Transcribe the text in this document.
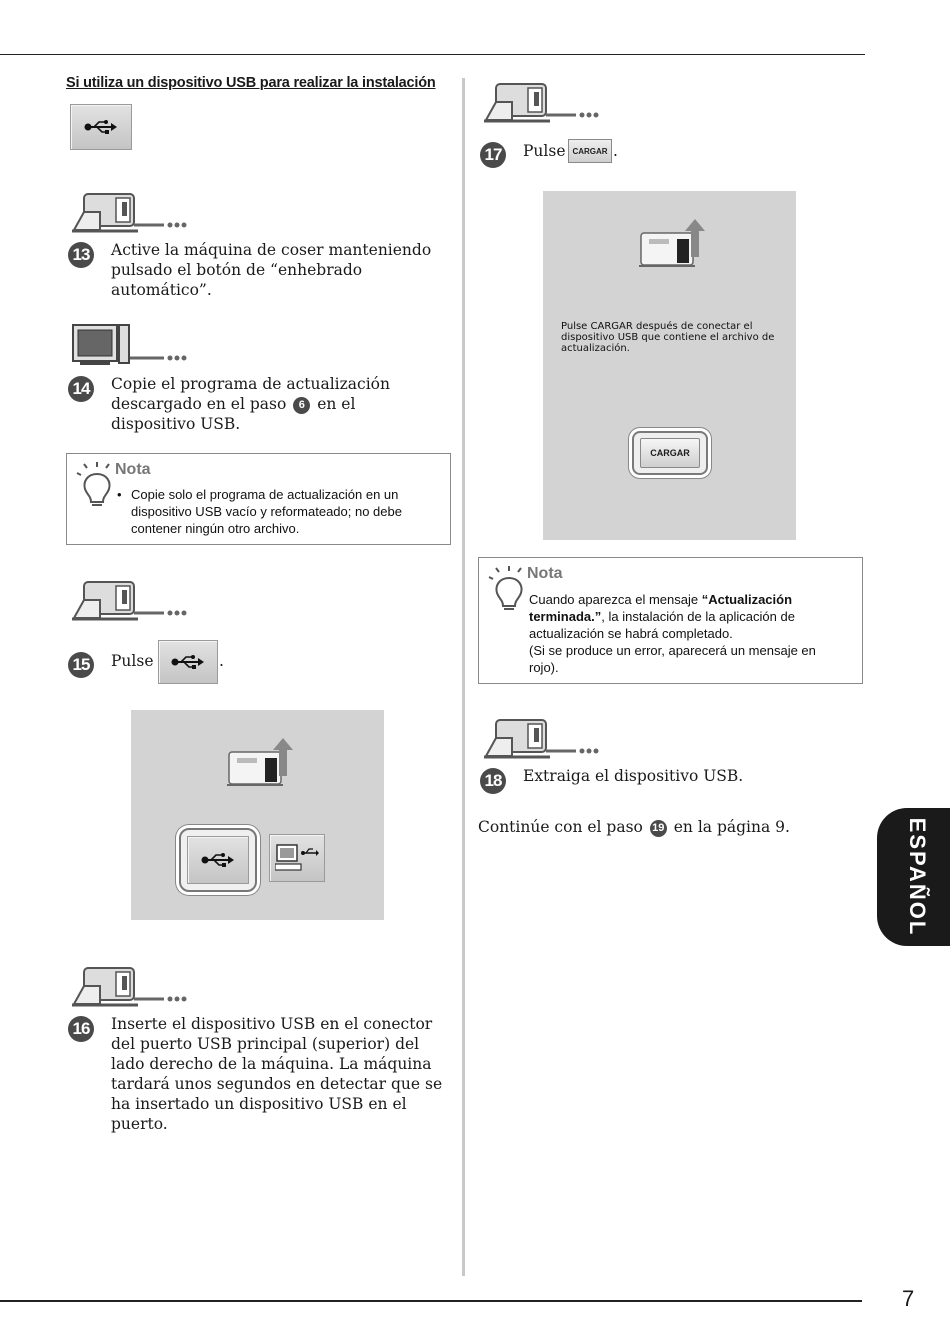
Si utiliza un dispositivo USB para realizar la instalación
13 Active la máquina de coser manteniendo pulsado el botón de “enhebrado automático”.
14 Copie el programa de actualización descargado en el paso 6 en el dispositivo USB.
Nota
• Copie solo el programa de actualización en un dispositivo USB vacío y reformateado; no debe contener ningún otro archivo.
15 Pulse	.
16 Inserte el dispositivo USB en el conector del puerto USB principal (superior) del lado derecho de la máquina. La máquina tardará unos segundos en detectar que se ha insertado un dispositivo USB en el puerto.
17 Pulse CARGAR .
Pulse CARGAR después de conectar el dispositivo USB que contiene el archivo de actualización.
CARGAR
Nota
Cuando aparezca el mensaje “Actualización terminada.”, la instalación de la aplicación de actualización se habrá completado.
(Si se produce un error, aparecerá un mensaje en rojo).
18 Extraiga el dispositivo USB.
Continúe con el paso 19 en la página 9.	ESPAÑOL
7
